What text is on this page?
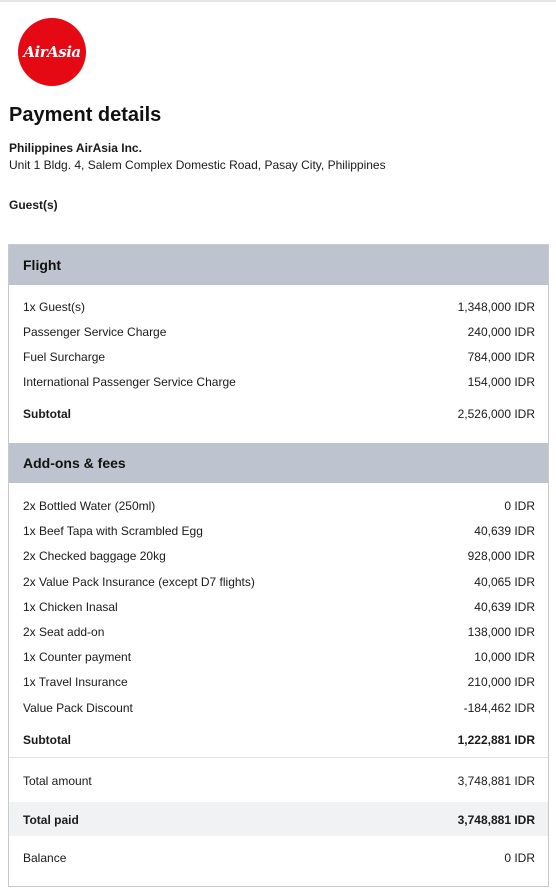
AirAsia
Payment details
Philippines AirAsia Inc.
Unit 1 Bldg. 4, Salem Complex Domestic Road, Pasay City, Philippines
Guest(s)
Flight
1x Guest(s)	1,348,000 IDR
Passenger Service Charge	240,000 IDR
Fuel Surcharge	784,000 IDR
International Passenger Service Charge	154,000 IDR
Subtotal	2,526,000 IDR
Add-ons & fees
2x Bottled Water (250ml)	0 IDR
1x Beef Tapa with Scrambled Egg	40,639 IDR
2x Checked baggage 20kg	928,000 IDR
2x Value Pack Insurance (except D7 flights)	40,065 IDR
1x Chicken Inasal	40,639 IDR
2x Seat add-on	138,000 IDR
1x Counter payment	10,000 IDR
1x Travel Insurance	210,000 IDR
Value Pack Discount	-184,462 IDR
Subtotal	1,222,881 IDR
Total amount	3,748,881 IDR
Total paid	3,748,881 IDR
Balance	0 IDR
